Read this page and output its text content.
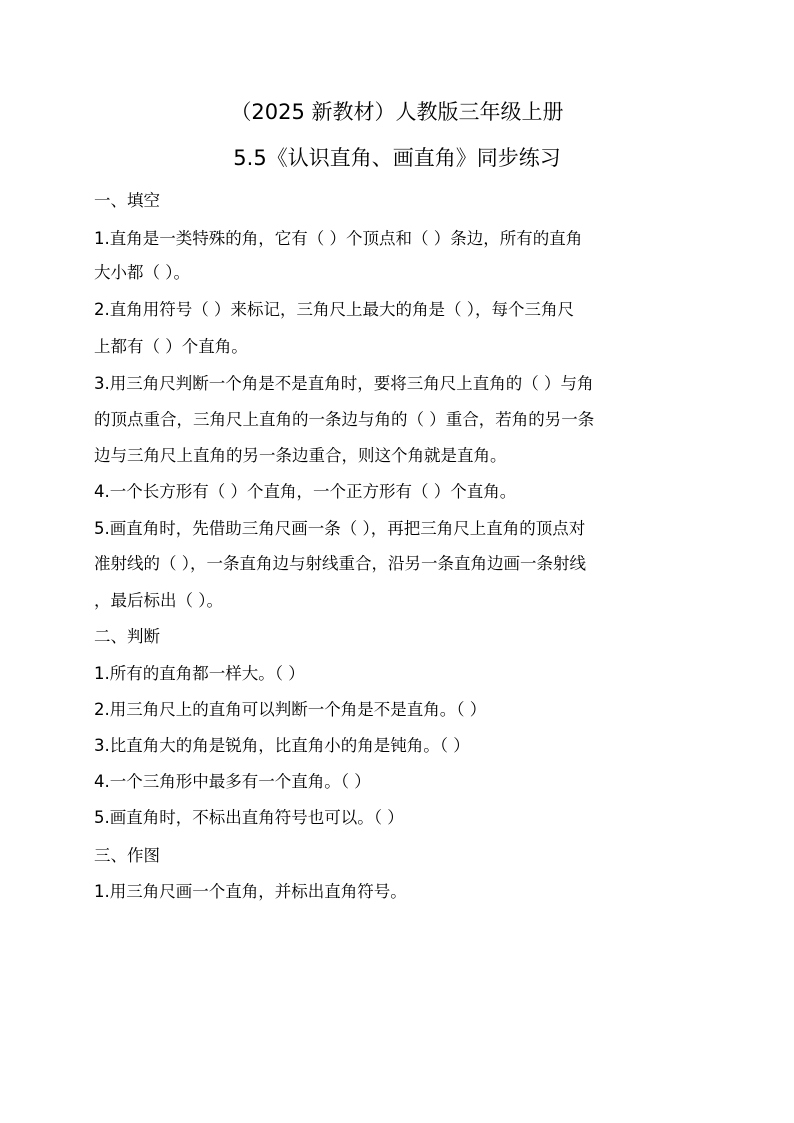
（2025 新教材）人教版三年级上册
5.5《认识直角、画直角》同步练习
一、填空
1.直角是一类特殊的角，它有（ ）个顶点和（ ）条边，所有的直角
大小都（ ）。
2.直角用符号（ ）来标记，三角尺上最大的角是（ ），每个三角尺
上都有（ ）个直角。
3.用三角尺判断一个角是不是直角时，要将三角尺上直角的（ ）与角
的顶点重合，三角尺上直角的一条边与角的（ ）重合，若角的另一条
边与三角尺上直角的另一条边重合，则这个角就是直角。
4.一个长方形有（ ）个直角，一个正方形有（ ）个直角。
5.画直角时，先借助三角尺画一条（ ），再把三角尺上直角的顶点对
准射线的（ ），一条直角边与射线重合，沿另一条直角边画一条射线
，最后标出（ ）。
二、判断
1.所有的直角都一样大。（ ）
2.用三角尺上的直角可以判断一个角是不是直角。（ ）
3.比直角大的角是锐角，比直角小的角是钝角。（ ）
4.一个三角形中最多有一个直角。（ ）
5.画直角时，不标出直角符号也可以。（ ）
三、作图
1.用三角尺画一个直角，并标出直角符号。
